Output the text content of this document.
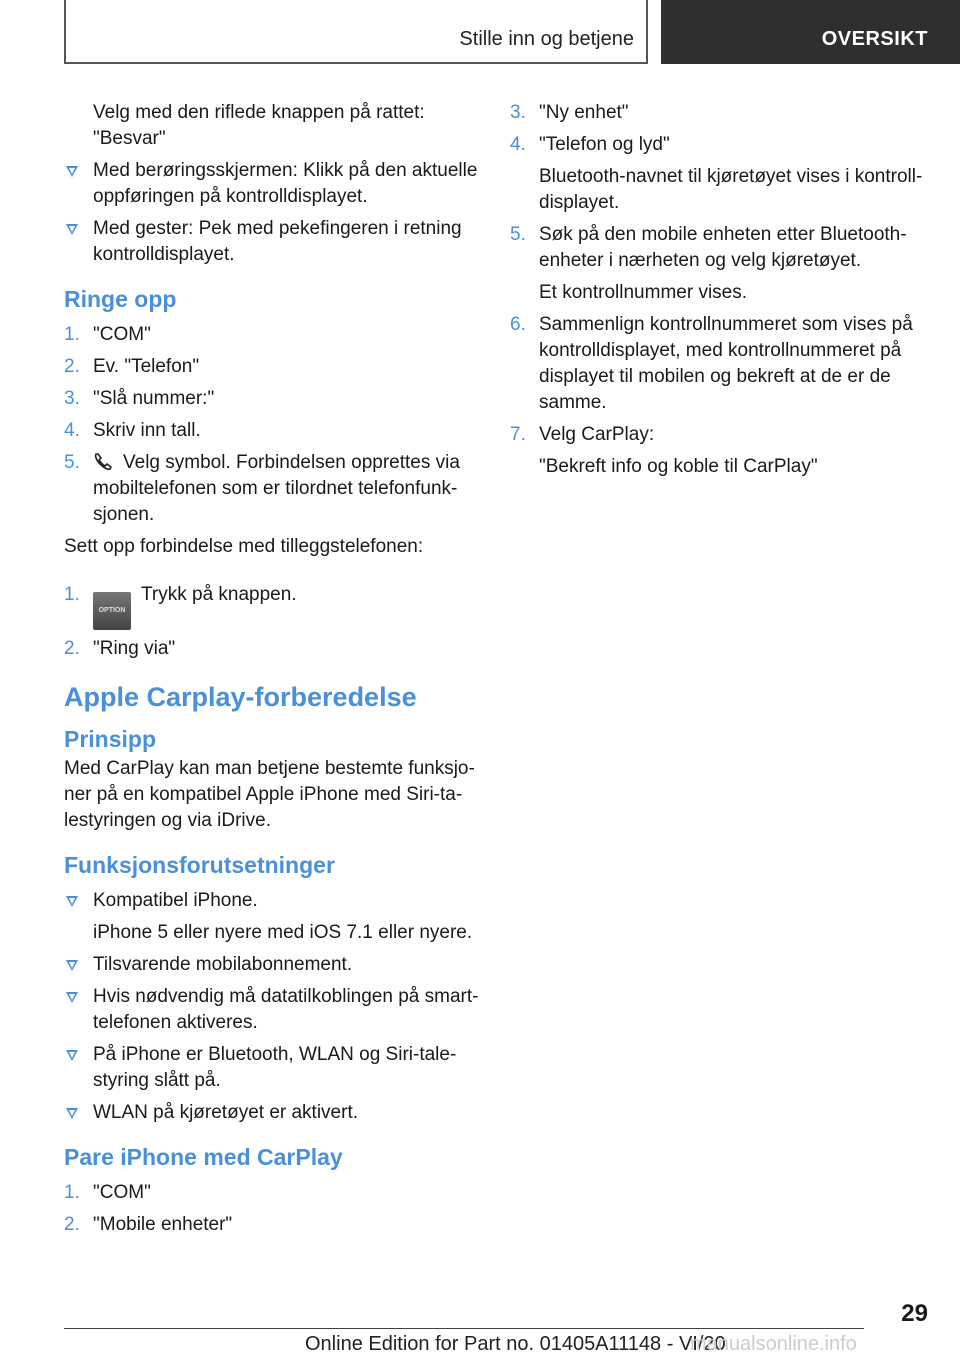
Stille inn og betjene	OVERSIKT

Velg med den riflede knappen på rattet: "Besvar"

Med berøringsskjermen: Klikk på den aktuelle oppføringen på kontrolldisplayet.
Med gester: Pek med pekefingeren i retning kontrolldisplayet.
Ringe opp
1. "COM"
2. Ev. "Telefon"
3. "Slå nummer:"
4. Skriv inn tall.
5. Velg symbol. Forbindelsen opprettes via mobiltelefonen som er tilordnet telefonfunksjonen.

Sett opp forbindelse med tilleggstelefonen:

1.
OPTIONTrykk på knappen.
2. "Ring via"
Apple Carplay-forberedelse
Prinsipp

Med CarPlay kan man betjene bestemte funksjoner på en kompatibel Apple iPhone med Siri-talestyringen og via iDrive.

Funksjonsforutsetninger
Kompatibel iPhone.

iPhone 5 eller nyere med iOS 7.1 eller nyere.

Tilsvarende mobilabonnement.
Hvis nødvendig må datatilkoblingen på smarttelefonen aktiveres.
På iPhone er Bluetooth, WLAN og Siri-talestyring slått på.
WLAN på kjøretøyet er aktivert.
Pare iPhone med CarPlay
1. "COM"
2. "Mobile enheter"
3. "Ny enhet"
4. "Telefon og lyd"

Bluetooth-navnet til kjøretøyet vises i kontrolldisplayet.

5. Søk på den mobile enheten etter Bluetooth-enheter i nærheten og velg kjøretøyet.

Et kontrollnummer vises.

6. Sammenlign kontrollnummeret som vises på kontrolldisplayet, med kontrollnummeret på displayet til mobilen og bekreft at de er de samme.
7. Velg CarPlay:

"Bekreft info og koble til CarPlay"

29
Online Edition for Part no. 01405A11148 - VI/20
manualsonline.info
